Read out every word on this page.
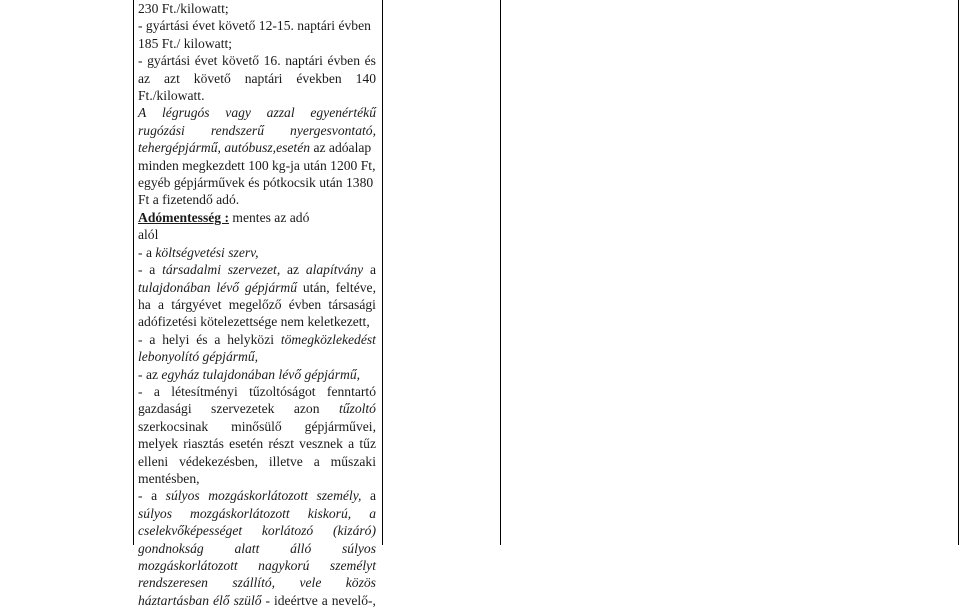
230 Ft./kilowatt;
- gyártási évet követő 12-15. naptári évben
185 Ft./ kilowatt;
- gyártási évet követő 16. naptári évben és
az azt követő naptári években 140
Ft./kilowatt.
A légrugós vagy azzal egyenértékű
rugózási rendszerű nyergesvontató,
tehergépjármű, autóbusz,esetén az adóalap
minden megkezdett 100 kg-ja után 1200 Ft,
egyéb gépjárművek és pótkocsik után 1380
Ft a fizetendő adó.
Adómentesség : mentes az adó
alól
- a költségvetési szerv,
- a társadalmi szervezet, az alapítvány a
tulajdonában lévő gépjármű után, feltéve,
ha a tárgyévet megelőző évben társasági
adófizetési kötelezettsége nem keletkezett,
- a helyi és a helyközi tömegközlekedést
lebonyolító gépjármű,
- az egyház tulajdonában lévő gépjármű,
- a létesítményi tűzoltóságot fenntartó
gazdasági szervezetek azon tűzoltó
szerkocsinak minősülő gépjárművei,
melyek riasztás esetén részt vesznek a tűz
elleni védekezésben, illetve a műszaki
mentésben,
- a súlyos mozgáskorlátozott személy, a
súlyos mozgáskorlátozott kiskorú, a
cselekvőképességet korlátozó (kizáró)
gondnokság alatt álló súlyos
mozgáskorlátozott nagykorú személyt
rendszeresen szállító, vele közös
háztartásban élő szülő - ideértve a nevelő-,
